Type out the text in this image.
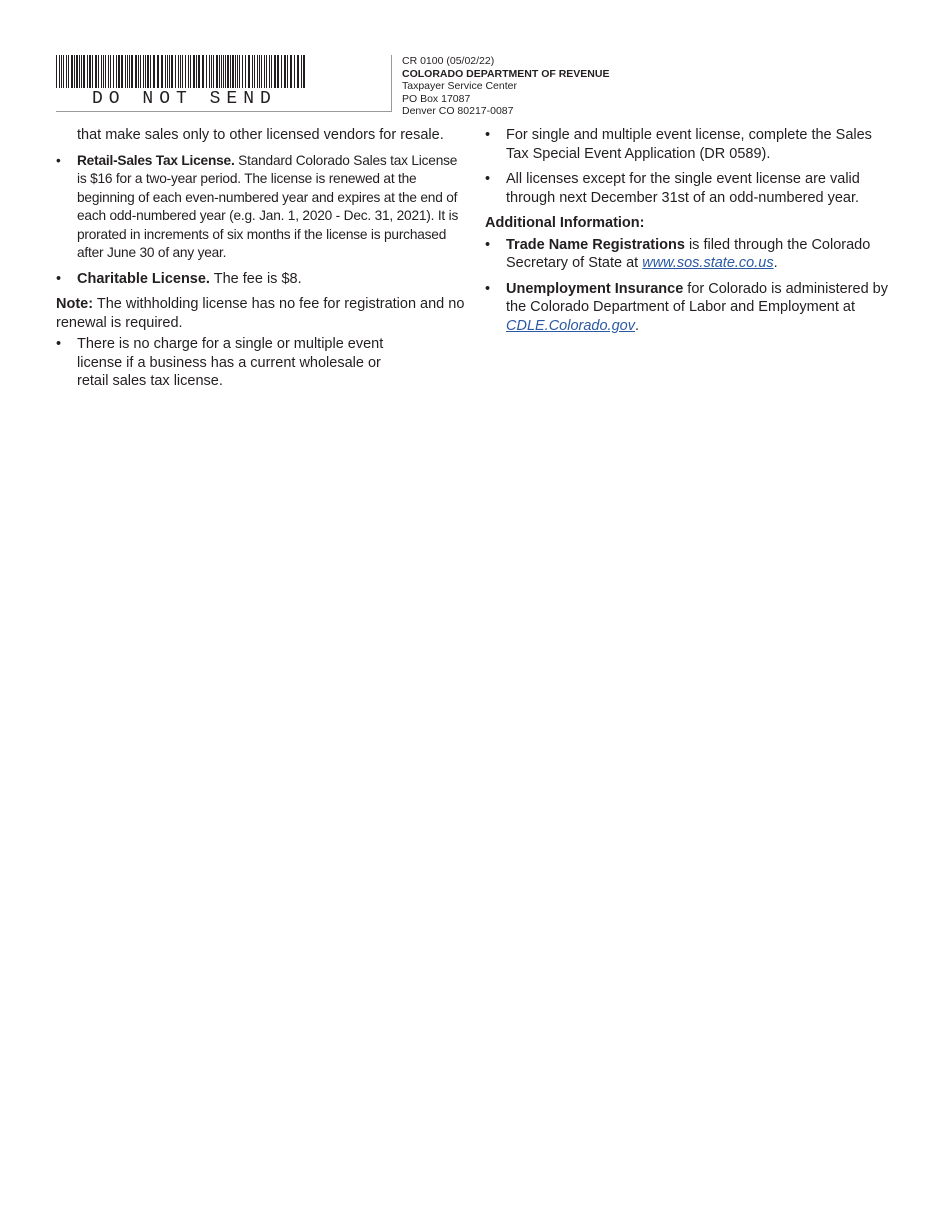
DO NOT SEND
CR 0100 (05/02/22)
COLORADO DEPARTMENT OF REVENUE
Taxpayer Service Center
PO Box 17087
Denver CO 80217-0087
that make sales only to other licensed vendors for resale.
• Retail-Sales Tax License. Standard Colorado Sales tax License is $16 for a two-year period. The license is renewed at the beginning of each even-numbered year and expires at the end of each odd-numbered year (e.g. Jan. 1, 2020 - Dec. 31, 2021). It is prorated in increments of six months if the license is purchased after June 30 of any year.
• Charitable License. The fee is $8.
Note: The withholding license has no fee for registration and no renewal is required.
• There is no charge for a single or multiple event license if a business has a current wholesale or retail sales tax license.
• For single and multiple event license, complete the Sales Tax Special Event Application (DR 0589).
• All licenses except for the single event license are valid through next December 31st of an odd-numbered year.
Additional Information:
• Trade Name Registrations is filed through the Colorado Secretary of State at www.sos.state.co.us.
• Unemployment Insurance for Colorado is administered by the Colorado Department of Labor and Employment at CDLE.Colorado.gov.
